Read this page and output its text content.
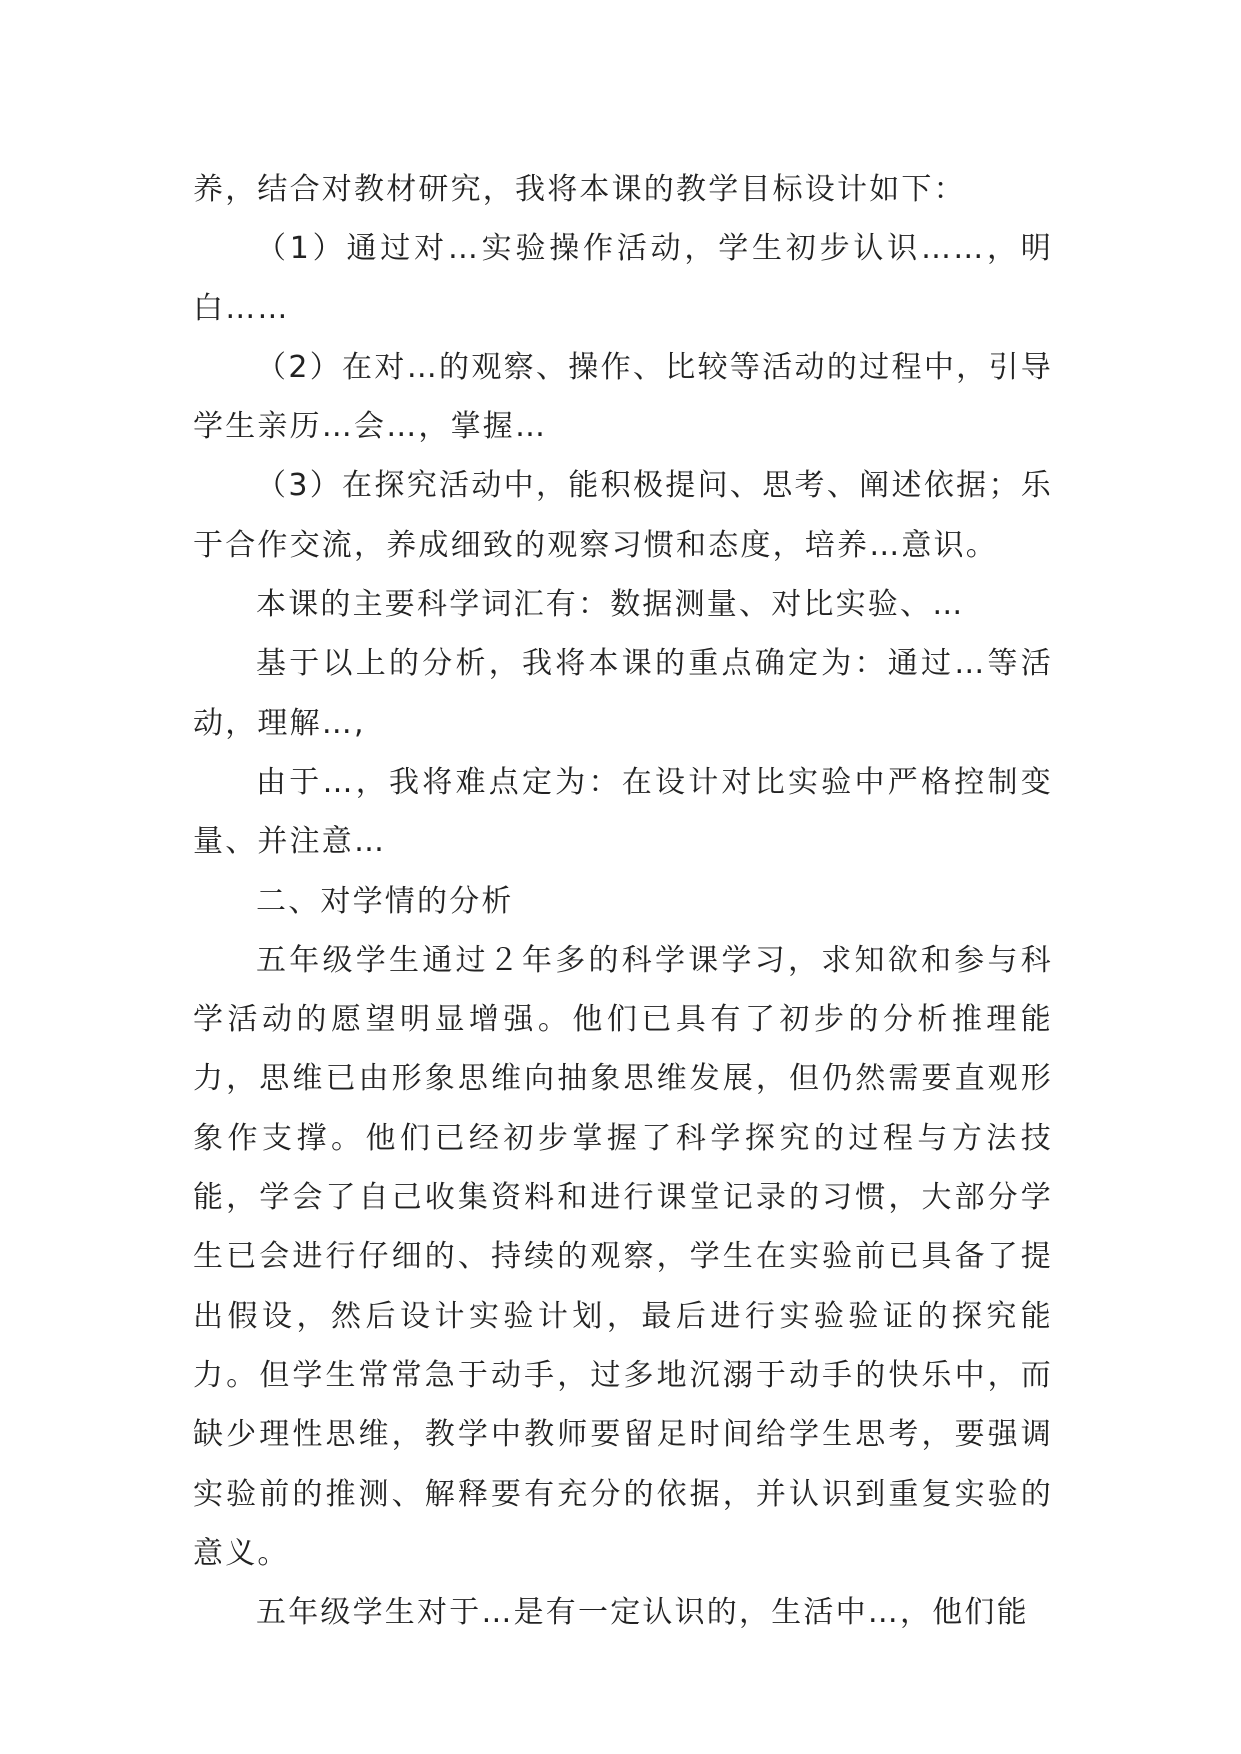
养，结合对教材研究，我将本课的教学目标设计如下：

（1）通过对…实验操作活动，学生初步认识……，明白……

（2）在对…的观察、操作、比较等活动的过程中，引导学生亲历…会…，掌握…

（3）在探究活动中，能积极提问、思考、阐述依据；乐于合作交流，养成细致的观察习惯和态度，培养…意识。

本课的主要科学词汇有：数据测量、对比实验、…

基于以上的分析，我将本课的重点确定为：通过…等活动，理解…,

由于…，我将难点定为：在设计对比实验中严格控制变量、并注意…

二、对学情的分析

五年级学生通过２年多的科学课学习，求知欲和参与科学活动的愿望明显增强。他们已具有了初步的分析推理能力，思维已由形象思维向抽象思维发展，但仍然需要直观形象作支撑。他们已经初步掌握了科学探究的过程与方法技能，学会了自己收集资料和进行课堂记录的习惯，大部分学生已会进行仔细的、持续的观察，学生在实验前已具备了提出假设，然后设计实验计划，最后进行实验验证的探究能力。但学生常常急于动手，过多地沉溺于动手的快乐中，而缺少理性思维，教学中教师要留足时间给学生思考，要强调实验前的推测、解释要有充分的依据，并认识到重复实验的意义。

五年级学生对于…是有一定认识的，生活中…，他们能
